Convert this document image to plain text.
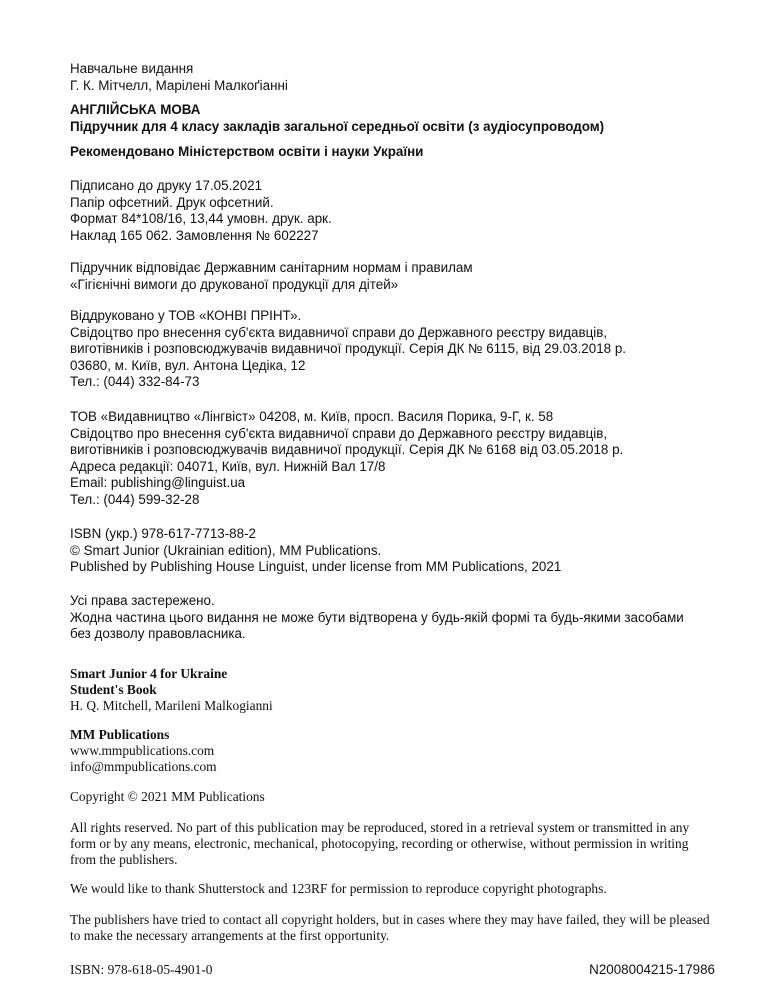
Навчальне видання
Г. К. Мітчелл, Марілені Малкоґіанні
АНГЛІЙСЬКА МОВА
Підручник для 4 класу закладів загальної середньої освіти (з аудіосупроводом)
Рекомендовано Міністерством освіти і науки України
Підписано до друку 17.05.2021
Папір офсетний. Друк офсетний.
Формат 84*108/16, 13,44 умовн. друк. арк.
Наклад 165 062. Замовлення № 602227
Підручник відповідає Державним санітарним нормам і правилам
«Гігієнічні вимоги до друкованої продукції для дітей»
Віддруковано у ТОВ «КОНВІ ПРІНТ».
Свідоцтво про внесення суб'єкта видавничої справи до Державного реєстру видавців,
виготівників і розповсюджувачів видавничої продукції. Серія ДК № 6115, від 29.03.2018 р.
03680, м. Київ, вул. Антона Цедіка, 12
Тел.: (044) 332-84-73
ТОВ «Видавництво «Лінгвіст» 04208, м. Київ, просп. Василя Порика, 9-Г, к. 58
Свідоцтво про внесення суб'єкта видавничої справи до Державного реєстру видавців,
виготівників і розповсюджувачів видавничої продукції. Серія ДК № 6168 від 03.05.2018 р.
Адреса редакції: 04071, Київ, вул. Нижній Вал 17/8
Email: publishing@linguist.ua
Тел.: (044) 599-32-28
ISBN (укр.) 978-617-7713-88-2
© Smart Junior (Ukrainian edition), MM Publications.
Published by Publishing House Linguist, under license from MM Publications, 2021
Усі права застережено.
Жодна частина цього видання не може бути відтворена у будь-якій формі та будь-якими засобами
без дозволу правовласника.
Smart Junior 4 for Ukraine
Student's Book
H. Q. Mitchell, Marileni Malkogianni
MM Publications
www.mmpublications.com
info@mmpublications.com
Copyright © 2021 MM Publications
All rights reserved. No part of this publication may be reproduced, stored in a retrieval system or transmitted in any
form or by any means, electronic, mechanical, photocopying, recording or otherwise, without permission in writing
from the publishers.
We would like to thank Shutterstock and 123RF for permission to reproduce copyright photographs.
The publishers have tried to contact all copyright holders, but in cases where they may have failed, they will be pleased
to make the necessary arrangements at the first opportunity.
ISBN: 978-618-05-4901-0	N2008004215-17986
